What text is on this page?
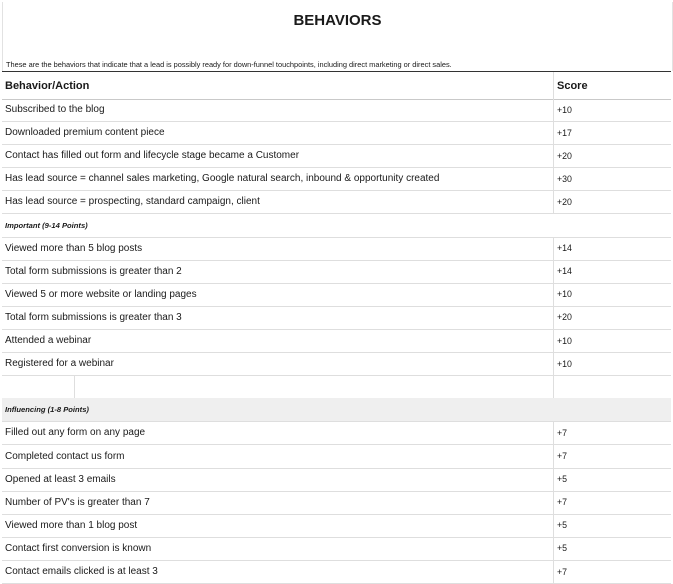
BEHAVIORS
These are the behaviors that indicate that a lead is possibly ready for down-funnel touchpoints, including direct marketing or direct sales.
Behavior/Action	Score
Subscribed to the blog	+10
Downloaded premium content piece	+17
Contact has filled out form and lifecycle stage became a Customer	+20
Has lead source = channel sales marketing, Google natural search, inbound & opportunity created	+30
Has lead source = prospecting, standard campaign, client	+20
Important (9-14 Points)
Viewed more than 5 blog posts	+14
Total form submissions is greater than 2	+14
Viewed 5 or more website or landing pages	+10
Total form submissions is greater than 3	+20
Attended a webinar	+10
Registered for a webinar	+10
Influencing (1-8 Points)
Filled out any form on any page	+7
Completed contact us form	+7
Opened at least 3 emails	+5
Number of PV's is greater than 7	+7
Viewed more than 1 blog post	+5
Contact first conversion is known	+5
Contact emails clicked is at least 3	+7
